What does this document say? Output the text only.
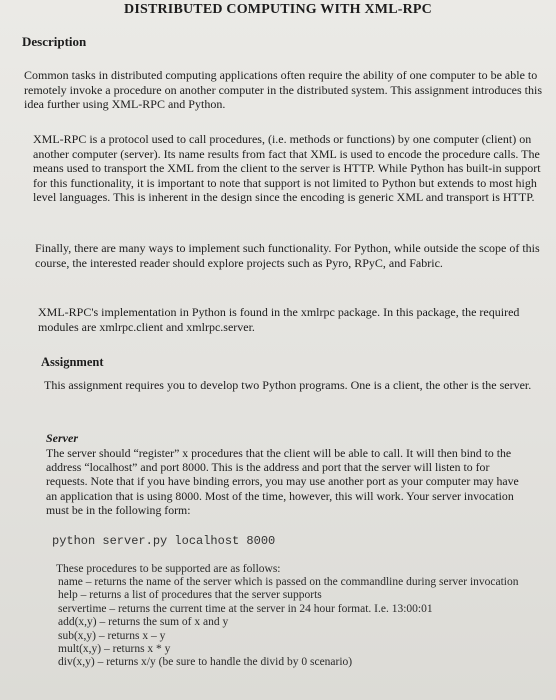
DISTRIBUTED COMPUTING WITH XML-RPC
Description

Common tasks in distributed computing applications often require the ability of one computer to be able to remotely invoke a procedure on another computer in the distributed system. This assignment introduces this idea further using XML-RPC and Python.

XML-RPC is a protocol used to call procedures, (i.e. methods or functions) by one computer (client) on another computer (server). Its name results from fact that XML is used to encode the procedure calls. The means used to transport the XML from the client to the server is HTTP. While Python has built-in support for this functionality, it is important to note that support is not limited to Python but extends to most high level languages. This is inherent in the design since the encoding is generic XML and transport is HTTP.

Finally, there are many ways to implement such functionality. For Python, while outside the scope of this course, the interested reader should explore projects such as Pyro, RPyC, and Fabric.

XML-RPC's implementation in Python is found in the xmlrpc package. In this package, the required modules are xmlrpc.client and xmlrpc.server.

Assignment

This assignment requires you to develop two Python programs. One is a client, the other is the server.

Server

The server should “register” x procedures that the client will be able to call. It will then bind to the address “localhost” and port 8000. This is the address and port that the server will listen to for requests. Note that if you have binding errors, you may use another port as your computer may have an application that is using 8000. Most of the time, however, this will work. Your server invocation must be in the following form:

python server.py localhost 8000
These procedures to be supported are as follows:
name – returns the name of the server which is passed on the commandline during server invocation
help – returns a list of procedures that the server supports
servertime – returns the current time at the server in 24 hour format. I.e. 13:00:01
add(x,y) – returns the sum of x and y
sub(x,y) – returns x – y
mult(x,y) – returns x * y
div(x,y) – returns x/y (be sure to handle the divid by 0 scenario)
